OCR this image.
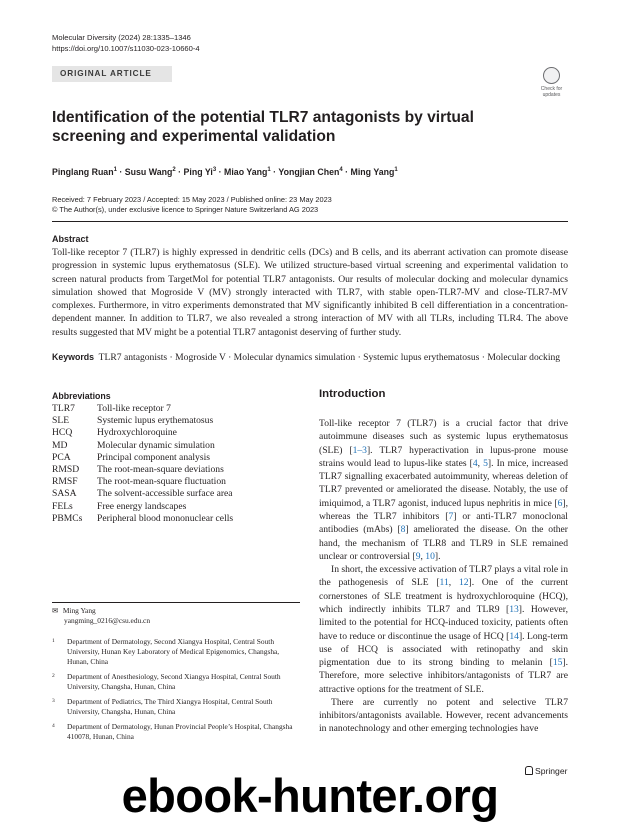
Molecular Diversity (2024) 28:1335–1346
https://doi.org/10.1007/s11030-023-10660-4
ORIGINAL ARTICLE
Check for updates
Identification of the potential TLR7 antagonists by virtual screening and experimental validation
Pinglang Ruan$^1$ · Susu Wang$^2$ · Ping $Yi^3$ · Miao Yang$^1$ · Yongjian Chen$^4$ · Ming Yang$^1$
Received: 7 February 2023 / Accepted: 15 May 2023 / Published online: 23 May 2023
© The Author(s), under exclusive licence to Springer Nature Switzerland AG 2023
Abstract
Toll-like receptor 7 (TLR7) is highly expressed in dendritic cells (DCs) and B cells, and its aberrant activation can promote disease progression in systemic lupus erythematosus (SLE). We utilized structure-based virtual screening and experimental validation to screen natural products from TargetMol for potential TLR7 antagonists. Our results of molecular docking and molecular dynamics simulation showed that Mogroside V (MV) strongly interacted with TLR7, with stable open-TLR7-MV and close-TLR7-MV complexes. Furthermore, in vitro experiments demonstrated that MV significantly inhibited B cell differentiation in a concentration-dependent manner. In addition to TLR7, we also revealed a strong interaction of MV with all TLRs, including TLR4. The above results suggested that MV might be a potential TLR7 antagonist deserving of further study.
Keywords TLR7 antagonists · Mogroside V · Molecular dynamics simulation · Systemic lupus erythematosus · Molecular docking
Abbreviations
TLR7	Toll-like receptor 7
SLE	Systemic lupus erythematosus
HCQ	Hydroxychloroquine
MD	Molecular dynamic simulation
PCA	Principal component analysis
RMSD	The root-mean-square deviations
RMSF	The root-mean-square fluctuation
SASA	The solvent-accessible surface area
FELs	Free energy landscapes
PBMCs	Peripheral blood mononuclear cells
Introduction

Toll-like receptor 7 (TLR7) is a crucial factor that drive autoimmune diseases such as systemic lupus erythematosus (SLE) [1–3]. TLR7 hyperactivation in lupus-prone mouse strains would lead to lupus-like states [4, 5]. In mice, increased TLR7 signalling exacerbated autoimmunity, whereas deletion of TLR7 prevented or ameliorated the disease. Notably, the use of imiquimod, a TLR7 agonist, induced lupus nephritis in mice [6], whereas the TLR7 inhibitors [7] or anti-TLR7 monoclonal antibodies (mAbs) [8] ameliorated the disease. On the other hand, the mechanism of TLR8 and TLR9 in SLE remained unclear or controversial [9, 10].

In short, the excessive activation of TLR7 plays a vital role in the pathogenesis of SLE [11, 12]. One of the current cornerstones of SLE treatment is hydroxychloroquine (HCQ), which indirectly inhibits TLR7 and TLR9 [13]. However, limited to the potential for HCQ-induced toxicity, patients often have to reduce or discontinue the usage of HCQ [14]. Long-term use of HCQ is associated with retinopathy and skin pigmentation due to its strong binding to melanin [15]. Therefore, more selective inhibitors/antagonists of TLR7 are attractive options for the treatment of SLE.

There are currently no potent and selective TLR7 inhibitors/antagonists available. However, recent advancements in nanotechnology and other emerging technologies have

✉ Ming Yang
yangming_0216@csu.edu.cn
1 Department of Dermatology, Second Xiangya Hospital, Central South University, Hunan Key Laboratory of Medical Epigenomics, Changsha, Hunan, China
2 Department of Anesthesiology, Second Xiangya Hospital, Central South University, Changsha, Hunan, China
3 Department of Pediatrics, The Third Xiangya Hospital, Central South University, Changsha, Hunan, China
4 Department of Dermatology, Hunan Provincial People’s Hospital, Changsha 410078, Hunan, China
Springer
ebook-hunter.org
